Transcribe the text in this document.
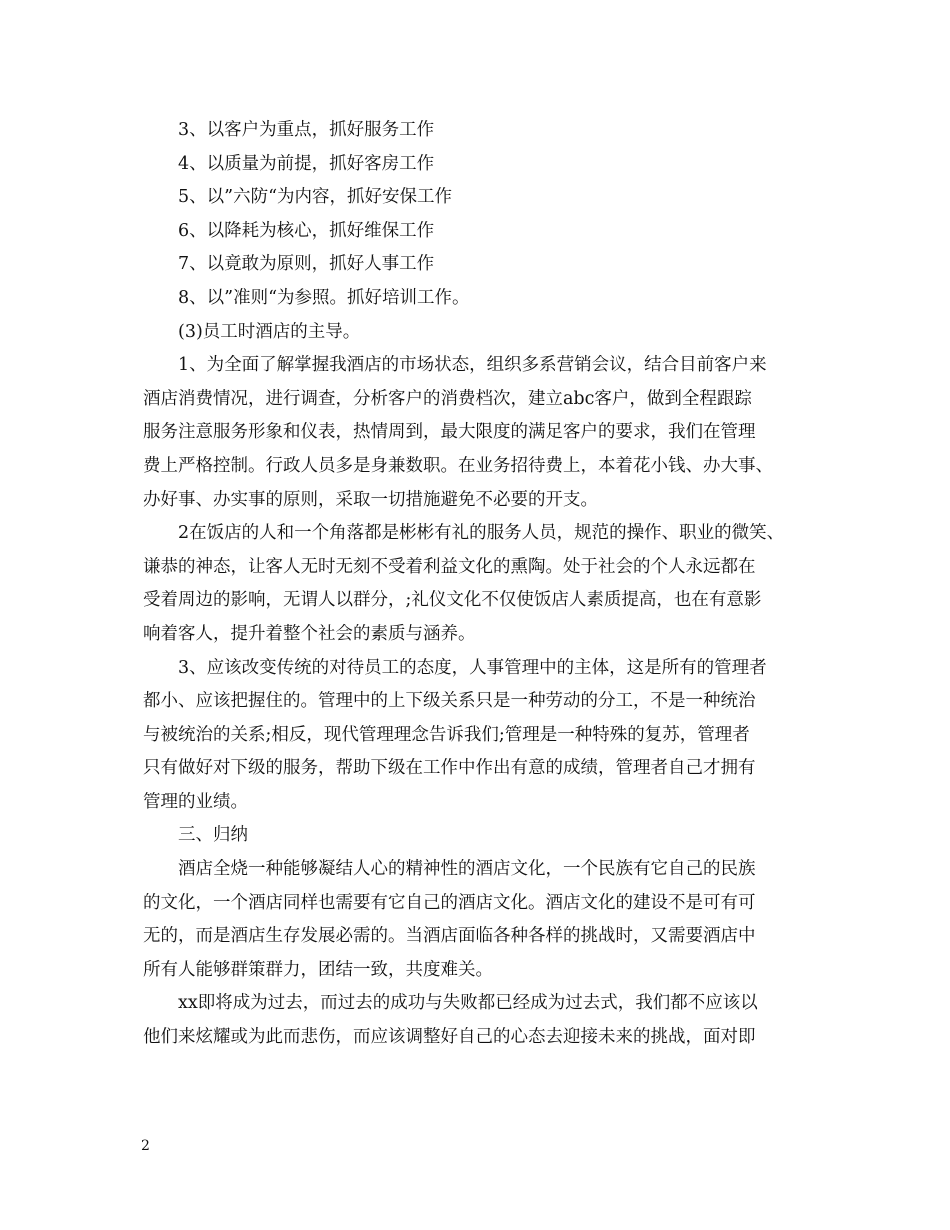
3、以客户为重点，抓好服务工作
4、以质量为前提，抓好客房工作
5、以”六防“为内容，抓好安保工作
6、以降耗为核心，抓好维保工作
7、以竟敢为原则，抓好人事工作
8、以”准则“为参照。抓好培训工作。
(3)员工时酒店的主导。
1、为全面了解掌握我酒店的市场状态，组织多系营销会议，结合目前客户来
酒店消费情况，进行调查，分析客户的消费档次，建立abc客户，做到全程跟踪
服务注意服务形象和仪表，热情周到，最大限度的满足客户的要求，我们在管理
费上严格控制。行政人员多是身兼数职。在业务招待费上，本着花小钱、办大事、
办好事、办实事的原则，采取一切措施避免不必要的开支。
2在饭店的人和一个角落都是彬彬有礼的服务人员，规范的操作、职业的微笑、
谦恭的神态，让客人无时无刻不受着利益文化的熏陶。处于社会的个人永远都在
受着周边的影响，无谓人以群分，;礼仪文化不仅使饭店人素质提高，也在有意影
响着客人，提升着整个社会的素质与涵养。
3、应该改变传统的对待员工的态度，人事管理中的主体，这是所有的管理者
都小、应该把握住的。管理中的上下级关系只是一种劳动的分工，不是一种统治
与被统治的关系;相反，现代管理理念告诉我们;管理是一种特殊的复苏，管理者
只有做好对下级的服务，帮助下级在工作中作出有意的成绩，管理者自己才拥有
管理的业绩。
三、归纳
酒店全烧一种能够凝结人心的精神性的酒店文化，一个民族有它自己的民族
的文化，一个酒店同样也需要有它自己的酒店文化。酒店文化的建设不是可有可
无的，而是酒店生存发展必需的。当酒店面临各种各样的挑战时，又需要酒店中
所有人能够群策群力，团结一致，共度难关。
xx即将成为过去，而过去的成功与失败都已经成为过去式，我们都不应该以
他们来炫耀或为此而悲伤，而应该调整好自己的心态去迎接未来的挑战，面对即
2
